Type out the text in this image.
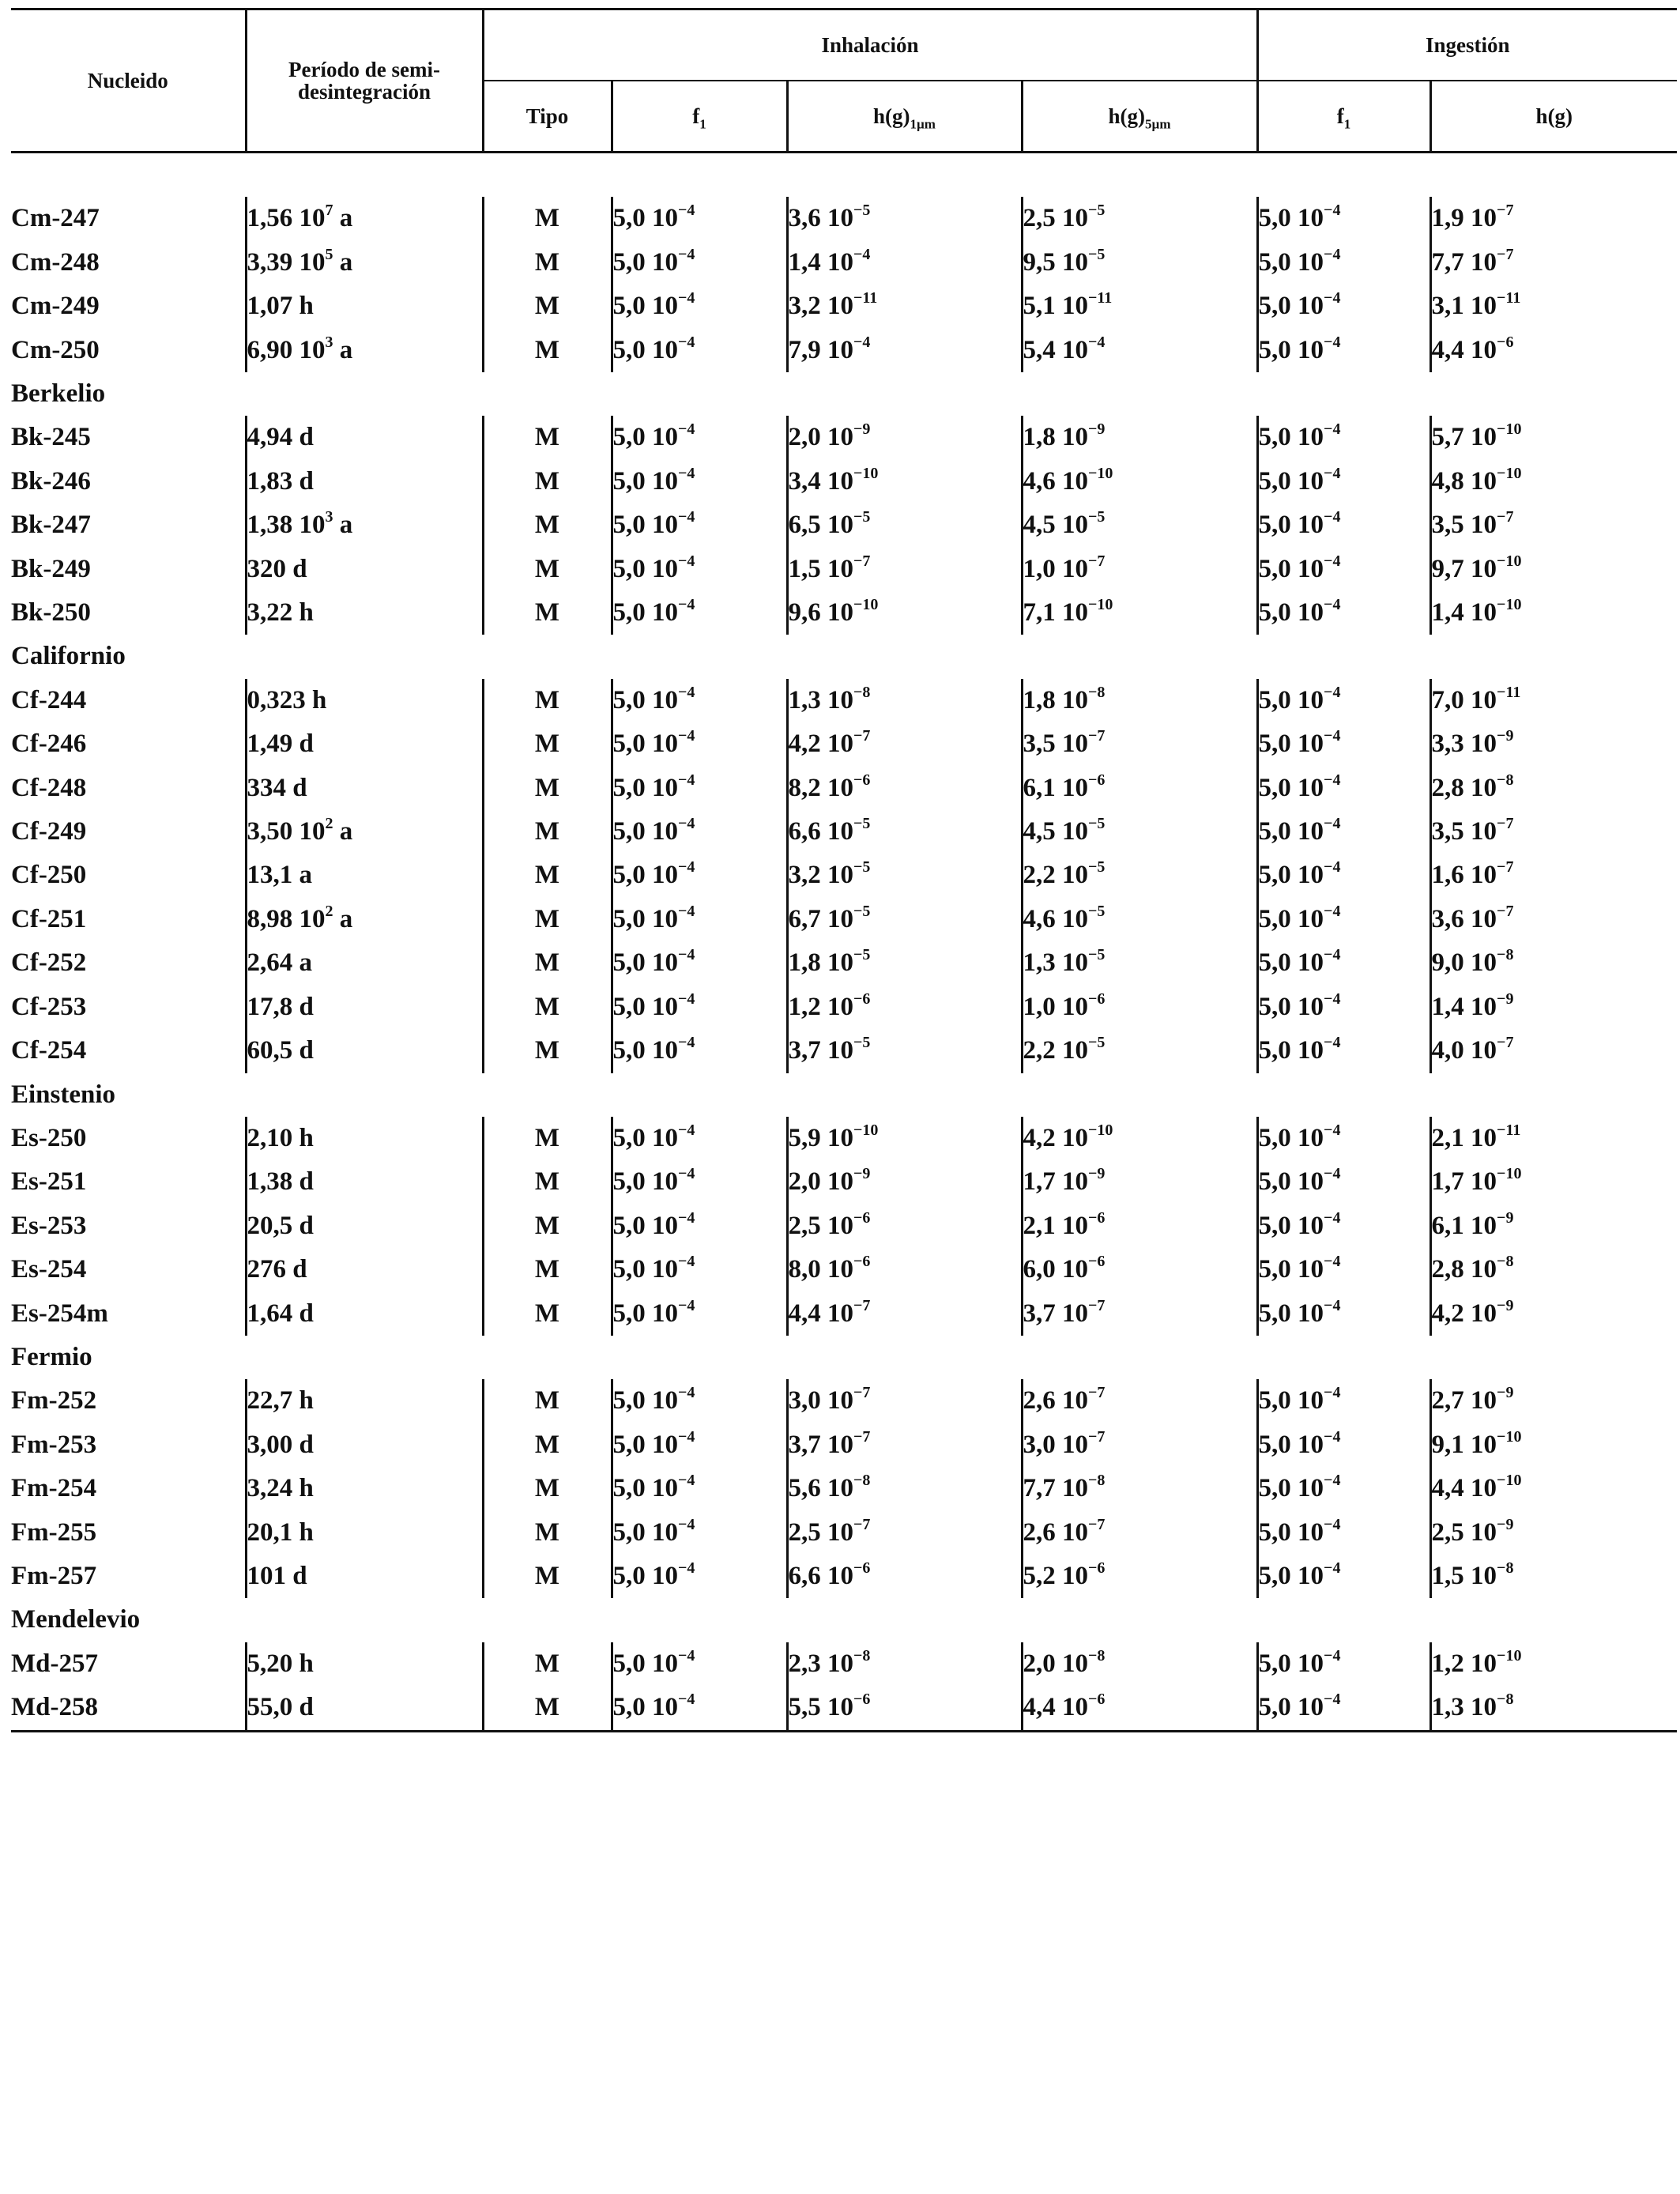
Nucleido	Período de semi-desintegración	Inhalación				Ingestión	
		Tipo	$f_1$	$h(g)_{1\mu m}$	$h(g)_{5\mu m}$	$f_1$	h(g)

Cm-247	1,56 $10^7$ a	M	5,0 $10^{-4}$	3,6 $10^{-5}$	2,5 $10^{-5}$	5,0 $10^{-4}$	1,9 $10^{-7}$
Cm-248	3,39 $10^5$ a	M	5,0 $10^{-4}$	1,4 $10^{-4}$	9,5 $10^{-5}$	5,0 $10^{-4}$	7,7 $10^{-7}$
Cm-249	1,07 h	M	5,0 $10^{-4}$	3,2 $10^{-11}$	5,1 $10^{-11}$	5,0 $10^{-4}$	3,1 $10^{-11}$
Cm-250	6,90 $10^3$ a	M	5,0 $10^{-4}$	7,9 $10^{-4}$	5,4 $10^{-4}$	5,0 $10^{-4}$	4,4 $10^{-6}$
Berkelio							
Bk-245	4,94 d	M	5,0 $10^{-4}$	2,0 $10^{-9}$	1,8 $10^{-9}$	5,0 $10^{-4}$	5,7 $10^{-10}$
Bk-246	1,83 d	M	5,0 $10^{-4}$	3,4 $10^{-10}$	4,6 $10^{-10}$	5,0 $10^{-4}$	4,8 $10^{-10}$
Bk-247	1,38 $10^3$ a	M	5,0 $10^{-4}$	6,5 $10^{-5}$	4,5 $10^{-5}$	5,0 $10^{-4}$	3,5 $10^{-7}$
Bk-249	320 d	M	5,0 $10^{-4}$	1,5 $10^{-7}$	1,0 $10^{-7}$	5,0 $10^{-4}$	9,7 $10^{-10}$
Bk-250	3,22 h	M	5,0 $10^{-4}$	9,6 $10^{-10}$	7,1 $10^{-10}$	5,0 $10^{-4}$	1,4 $10^{-10}$
Californio							
Cf-244	0,323 h	M	5,0 $10^{-4}$	1,3 $10^{-8}$	1,8 $10^{-8}$	5,0 $10^{-4}$	7,0 $10^{-11}$
Cf-246	1,49 d	M	5,0 $10^{-4}$	4,2 $10^{-7}$	3,5 $10^{-7}$	5,0 $10^{-4}$	3,3 $10^{-9}$
Cf-248	334 d	M	5,0 $10^{-4}$	8,2 $10^{-6}$	6,1 $10^{-6}$	5,0 $10^{-4}$	2,8 $10^{-8}$
Cf-249	3,50 $10^2$ a	M	5,0 $10^{-4}$	6,6 $10^{-5}$	4,5 $10^{-5}$	5,0 $10^{-4}$	3,5 $10^{-7}$
Cf-250	13,1 a	M	5,0 $10^{-4}$	3,2 $10^{-5}$	2,2 $10^{-5}$	5,0 $10^{-4}$	1,6 $10^{-7}$
Cf-251	8,98 $10^2$ a	M	5,0 $10^{-4}$	6,7 $10^{-5}$	4,6 $10^{-5}$	5,0 $10^{-4}$	3,6 $10^{-7}$
Cf-252	2,64 a	M	5,0 $10^{-4}$	1,8 $10^{-5}$	1,3 $10^{-5}$	5,0 $10^{-4}$	9,0 $10^{-8}$
Cf-253	17,8 d	M	5,0 $10^{-4}$	1,2 $10^{-6}$	1,0 $10^{-6}$	5,0 $10^{-4}$	1,4 $10^{-9}$
Cf-254	60,5 d	M	5,0 $10^{-4}$	3,7 $10^{-5}$	2,2 $10^{-5}$	5,0 $10^{-4}$	4,0 $10^{-7}$
Einstenio							
Es-250	2,10 h	M	5,0 $10^{-4}$	5,9 $10^{-10}$	4,2 $10^{-10}$	5,0 $10^{-4}$	2,1 $10^{-11}$
Es-251	1,38 d	M	5,0 $10^{-4}$	2,0 $10^{-9}$	1,7 $10^{-9}$	5,0 $10^{-4}$	1,7 $10^{-10}$
Es-253	20,5 d	M	5,0 $10^{-4}$	2,5 $10^{-6}$	2,1 $10^{-6}$	5,0 $10^{-4}$	6,1 $10^{-9}$
Es-254	276 d	M	5,0 $10^{-4}$	8,0 $10^{-6}$	6,0 $10^{-6}$	5,0 $10^{-4}$	2,8 $10^{-8}$
Es-254m	1,64 d	M	5,0 $10^{-4}$	4,4 $10^{-7}$	3,7 $10^{-7}$	5,0 $10^{-4}$	4,2 $10^{-9}$
Fermio							
Fm-252	22,7 h	M	5,0 $10^{-4}$	3,0 $10^{-7}$	2,6 $10^{-7}$	5,0 $10^{-4}$	2,7 $10^{-9}$
Fm-253	3,00 d	M	5,0 $10^{-4}$	3,7 $10^{-7}$	3,0 $10^{-7}$	5,0 $10^{-4}$	9,1 $10^{-10}$
Fm-254	3,24 h	M	5,0 $10^{-4}$	5,6 $10^{-8}$	7,7 $10^{-8}$	5,0 $10^{-4}$	4,4 $10^{-10}$
Fm-255	20,1 h	M	5,0 $10^{-4}$	2,5 $10^{-7}$	2,6 $10^{-7}$	5,0 $10^{-4}$	2,5 $10^{-9}$
Fm-257	101 d	M	5,0 $10^{-4}$	6,6 $10^{-6}$	5,2 $10^{-6}$	5,0 $10^{-4}$	1,5 $10^{-8}$
Mendelevio							
Md-257	5,20 h	M	5,0 $10^{-4}$	2,3 $10^{-8}$	2,0 $10^{-8}$	5,0 $10^{-4}$	1,2 $10^{-10}$
Md-258	55,0 d	M	5,0 $10^{-4}$	5,5 $10^{-6}$	4,4 $10^{-6}$	5,0 $10^{-4}$	1,3 $10^{-8}$
